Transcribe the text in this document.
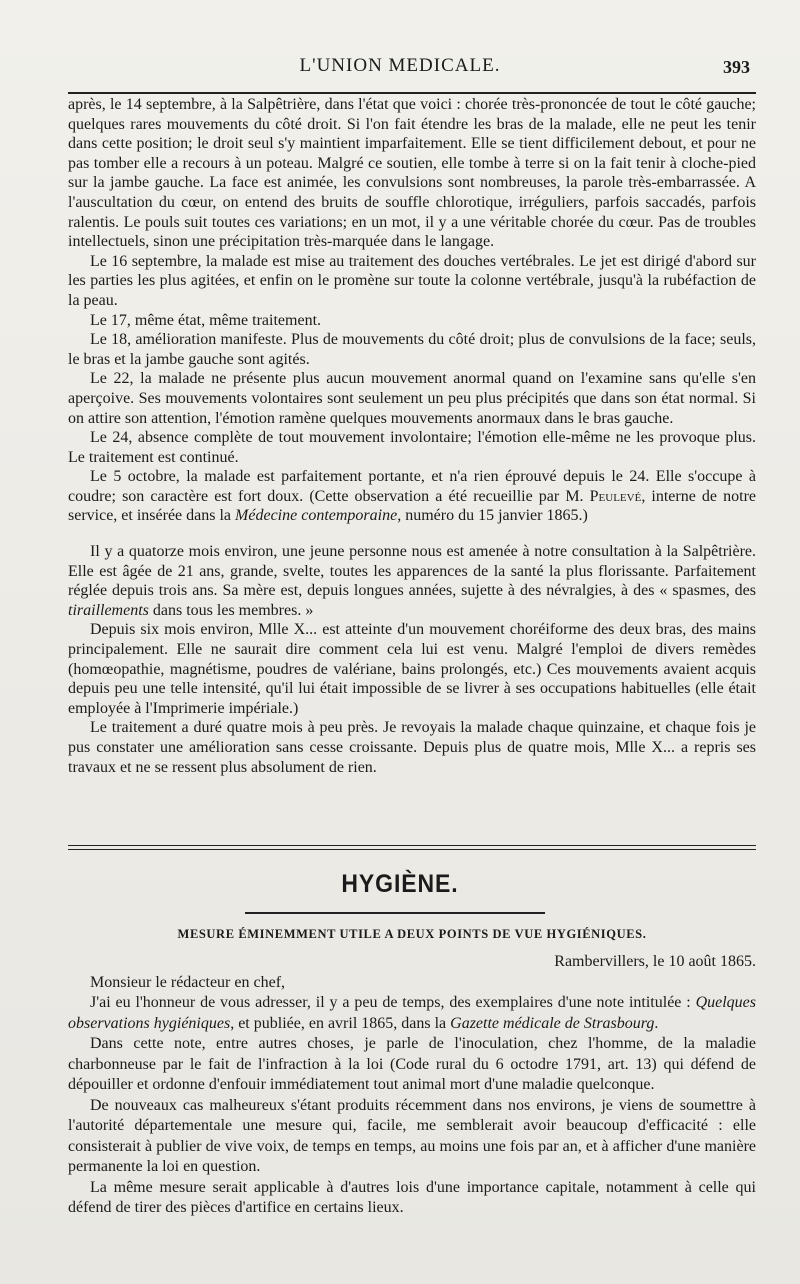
L'UNION MEDICALE.	393

après, le 14 septembre, à la Salpêtrière, dans l'état que voici : chorée très-prononcée de tout le côté gauche; quelques rares mouvements du côté droit. Si l'on fait étendre les bras de la malade, elle ne peut les tenir dans cette position; le droit seul s'y maintient imparfaitement. Elle se tient difficilement debout, et pour ne pas tomber elle a recours à un poteau. Malgré ce soutien, elle tombe à terre si on la fait tenir à cloche-pied sur la jambe gauche. La face est animée, les convulsions sont nombreuses, la parole très-embarrassée. A l'auscultation du cœur, on entend des bruits de souffle chlorotique, irréguliers, parfois saccadés, parfois ralentis. Le pouls suit toutes ces variations; en un mot, il y a une véritable chorée du cœur. Pas de troubles intellectuels, sinon une précipitation très-marquée dans le langage.

Le 16 septembre, la malade est mise au traitement des douches vertébrales. Le jet est dirigé d'abord sur les parties les plus agitées, et enfin on le promène sur toute la colonne vertébrale, jusqu'à la rubéfaction de la peau.

Le 17, même état, même traitement.

Le 18, amélioration manifeste. Plus de mouvements du côté droit; plus de convulsions de la face; seuls, le bras et la jambe gauche sont agités.

Le 22, la malade ne présente plus aucun mouvement anormal quand on l'examine sans qu'elle s'en aperçoive. Ses mouvements volontaires sont seulement un peu plus précipités que dans son état normal. Si on attire son attention, l'émotion ramène quelques mouvements anormaux dans le bras gauche.

Le 24, absence complète de tout mouvement involontaire; l'émotion elle-même ne les provoque plus. Le traitement est continué.

Le 5 octobre, la malade est parfaitement portante, et n'a rien éprouvé depuis le 24. Elle s'occupe à coudre; son caractère est fort doux. (Cette observation a été recueillie par M. Peulevé, interne de notre service, et insérée dans la Médecine contemporaine, numéro du 15 janvier 1865.)

Il y a quatorze mois environ, une jeune personne nous est amenée à notre consultation à la Salpêtrière. Elle est âgée de 21 ans, grande, svelte, toutes les apparences de la santé la plus florissante. Parfaitement réglée depuis trois ans. Sa mère est, depuis longues années, sujette à des névralgies, à des « spasmes, des tiraillements dans tous les membres. »

Depuis six mois environ, Mlle X... est atteinte d'un mouvement choréiforme des deux bras, des mains principalement. Elle ne saurait dire comment cela lui est venu. Malgré l'emploi de divers remèdes (homœopathie, magnétisme, poudres de valériane, bains prolongés, etc.) Ces mouvements avaient acquis depuis peu une telle intensité, qu'il lui était impossible de se livrer à ses occupations habituelles (elle était employée à l'Imprimerie impériale.)

Le traitement a duré quatre mois à peu près. Je revoyais la malade chaque quinzaine, et chaque fois je pus constater une amélioration sans cesse croissante. Depuis plus de quatre mois, Mlle X... a repris ses travaux et ne se ressent plus absolument de rien.

HYGIÈNE.
MESURE ÉMINEMMENT UTILE A DEUX POINTS DE VUE HYGIÉNIQUES.

Rambervillers, le 10 août 1865.

Monsieur le rédacteur en chef,

J'ai eu l'honneur de vous adresser, il y a peu de temps, des exemplaires d'une note intitulée : Quelques observations hygiéniques, et publiée, en avril 1865, dans la Gazette médicale de Strasbourg.

Dans cette note, entre autres choses, je parle de l'inoculation, chez l'homme, de la maladie charbonneuse par le fait de l'infraction à la loi (Code rural du 6 octodre 1791, art. 13) qui défend de dépouiller et ordonne d'enfouir immédiatement tout animal mort d'une maladie quelconque.

De nouveaux cas malheureux s'étant produits récemment dans nos environs, je viens de soumettre à l'autorité départementale une mesure qui, facile, me semblerait avoir beaucoup d'efficacité : elle consisterait à publier de vive voix, de temps en temps, au moins une fois par an, et à afficher d'une manière permanente la loi en question.

La même mesure serait applicable à d'autres lois d'une importance capitale, notamment à celle qui défend de tirer des pièces d'artifice en certains lieux.
